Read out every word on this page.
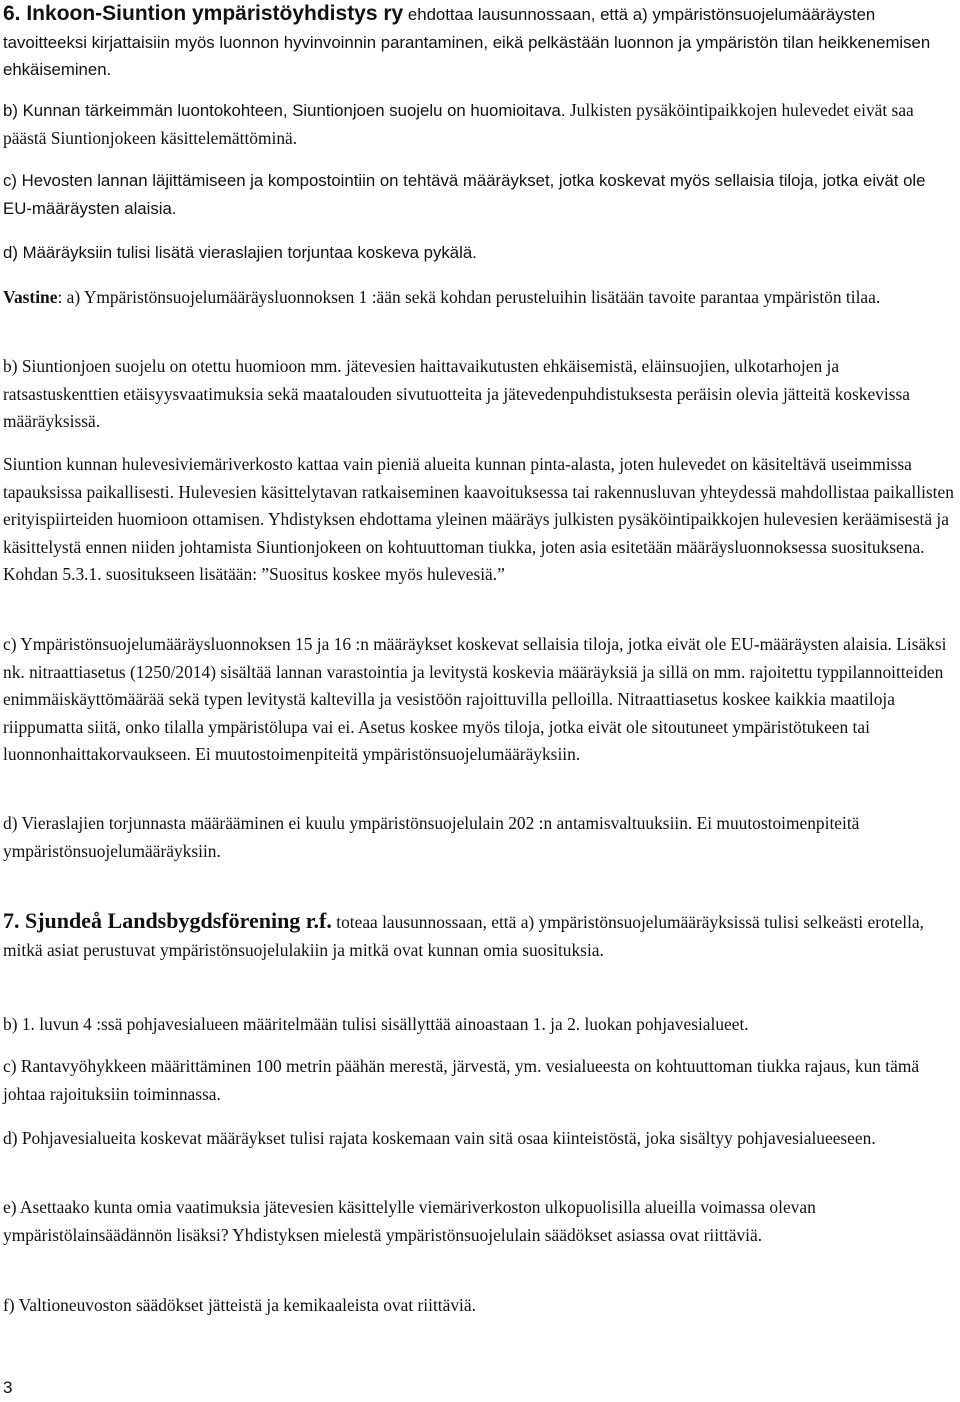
6. Inkoon-Siuntion ympäristöyhdistys ry ehdottaa lausunnossaan, että a) ympäristönsuojelumääräysten tavoitteeksi kirjattaisiin myös luonnon hyvinvoinnin parantaminen, eikä pelkästään luonnon ja ympäristön tilan heikkenemisen ehkäiseminen.

b) Kunnan tärkeimmän luontokohteen, Siuntionjoen suojelu on huomioitava. Julkisten pysäköintipaikkojen hulevedet eivät saa päästä Siuntionjokeen käsittelemättöminä.

c) Hevosten lannan läjittämiseen ja kompostointiin on tehtävä määräykset, jotka koskevat myös sellaisia tiloja, jotka eivät ole EU-määräysten alaisia.

d) Määräyksiin tulisi lisätä vieraslajien torjuntaa koskeva pykälä.

Vastine: a) Ympäristönsuojelumääräysluonnoksen 1 :ään sekä kohdan perusteluihin lisätään tavoite parantaa ympäristön tilaa.

b) Siuntionjoen suojelu on otettu huomioon mm. jätevesien haittavaikutusten ehkäisemistä, eläinsuojien, ulkotarhojen ja ratsastuskenttien etäisyysvaatimuksia sekä maatalouden sivutuotteita ja jätevedenpuhdistuksesta peräisin olevia jätteitä koskevissa määräyksissä.

Siuntion kunnan hulevesiviemäriverkosto kattaa vain pieniä alueita kunnan pinta-alasta, joten hulevedet on käsiteltävä useimmissa tapauksissa paikallisesti. Hulevesien käsittelytavan ratkaiseminen kaavoituksessa tai rakennusluvan yhteydessä mahdollistaa paikallisten erityispiirteiden huomioon ottamisen. Yhdistyksen ehdottama yleinen määräys julkisten pysäköintipaikkojen hulevesien keräämisestä ja käsittelystä ennen niiden johtamista Siuntionjokeen on kohtuuttoman tiukka, joten asia esitetään määräysluonnoksessa suosituksena. Kohdan 5.3.1. suositukseen lisätään: ”Suositus koskee myös hulevesiä.”

c) Ympäristönsuojelumääräysluonnoksen 15 ja 16 :n määräykset koskevat sellaisia tiloja, jotka eivät ole EU-määräysten alaisia. Lisäksi nk. nitraattiasetus (1250/2014) sisältää lannan varastointia ja levitystä koskevia määräyksiä ja sillä on mm. rajoitettu typpilannoitteiden enimmäiskäyttömäärää sekä typen levitystä kaltevilla ja vesistöön rajoittuvilla pelloilla. Nitraattiasetus koskee kaikkia maatiloja riippumatta siitä, onko tilalla ympäristölupa vai ei. Asetus koskee myös tiloja, jotka eivät ole sitoutuneet ympäristötukeen tai luonnonhaittakorvaukseen. Ei muutostoimenpiteitä ympäristönsuojelumääräyksiin.

d) Vieraslajien torjunnasta määrääminen ei kuulu ympäristönsuojelulain 202 :n antamisvaltuuksiin. Ei muutostoimenpiteitä ympäristönsuojelumääräyksiin.

7. Sjundeå Landsbygdsförening r.f. toteaa lausunnossaan, että a) ympäristönsuojelumääräyksissä tulisi selkeästi erotella, mitkä asiat perustuvat ympäristönsuojelulakiin ja mitkä ovat kunnan omia suosituksia.

b) 1. luvun 4 :ssä pohjavesialueen määritelmään tulisi sisällyttää ainoastaan 1. ja 2. luokan pohjavesialueet.

c) Rantavyöhykkeen määrittäminen 100 metrin päähän merestä, järvestä, ym. vesialueesta on kohtuuttoman tiukka rajaus, kun tämä johtaa rajoituksiin toiminnassa.

d) Pohjavesialueita koskevat määräykset tulisi rajata koskemaan vain sitä osaa kiinteistöstä, joka sisältyy pohjavesialueeseen.

e) Asettaako kunta omia vaatimuksia jätevesien käsittelylle viemäriverkoston ulkopuolisilla alueilla voimassa olevan ympäristölainsäädännön lisäksi? Yhdistyksen mielestä ympäristönsuojelulain säädökset asiassa ovat riittäviä.

f) Valtioneuvoston säädökset jätteistä ja kemikaaleista ovat riittäviä.

3
